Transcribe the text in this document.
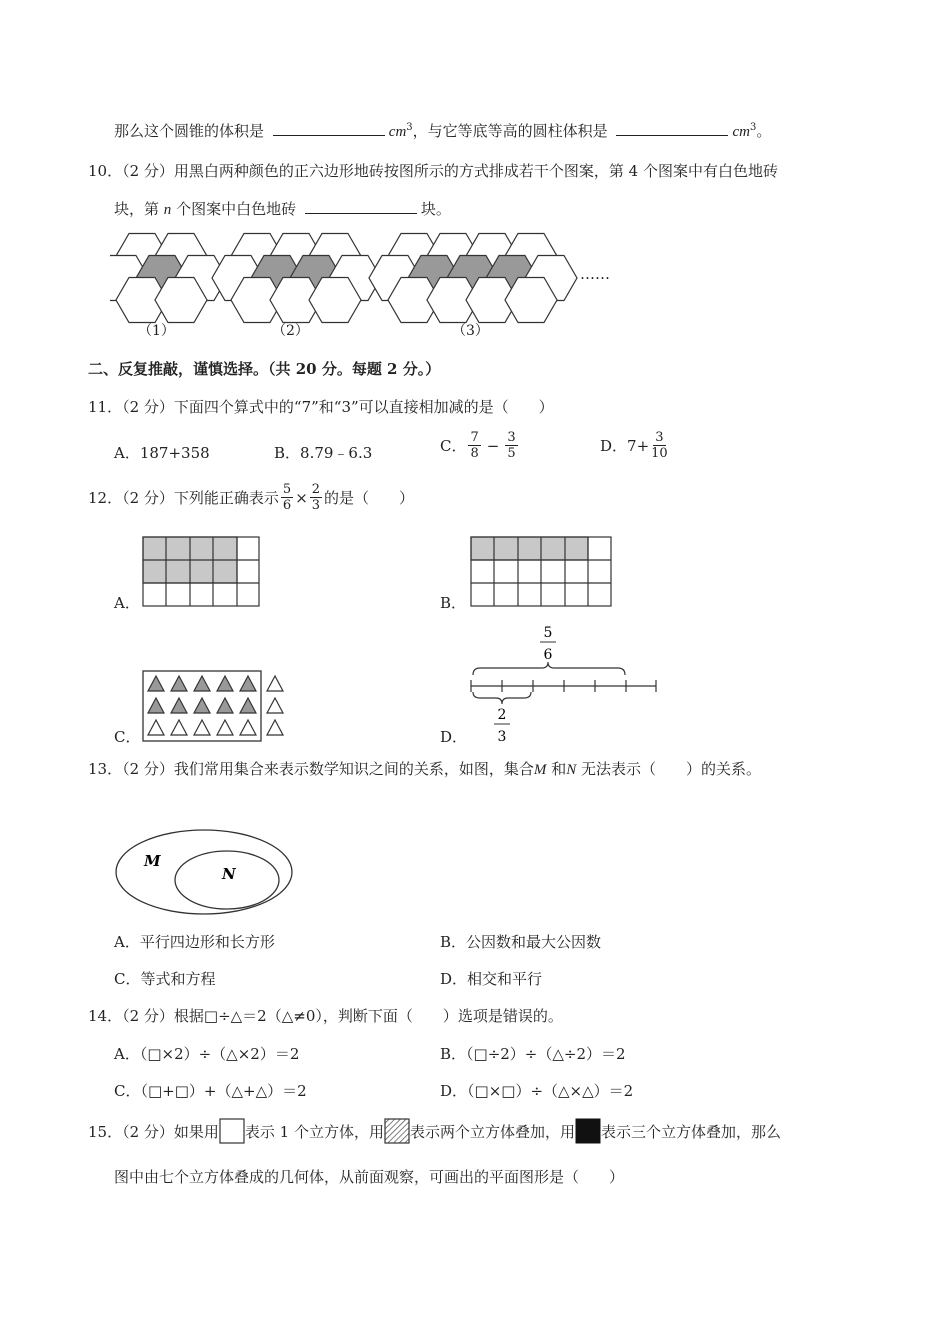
那么这个圆锥的体积是	$cm^3$，与它等底等高的圆柱体积是	$cm^3$。
10．（2 分）用黑白两种颜色的正六边形地砖按图所示的方式排成若干个图案，第 4 个图案中有白色地砖
块，第 n 个图案中白色地砖	块。
（1）	（2）	（3）
……
二、反复推敲，谨慎选择。（共 20 分。每题 2 分。）
11．（2 分）下面四个算式中的“7”和“3”可以直接相加减的是（　　）
A．187+358	B．8.79﹣6.3	C． $\frac{7}{8} - \frac{3}{5}$	D． $7+ \frac{3}{10}$
12．（2 分）下列能正确表示 $\frac{5}{6} \times \frac{2}{3}$ 的是（　　）
A．	B．
C．	D．
5
6
2
3
13．（2 分）我们常用集合来表示数学知识之间的关系，如图，集合M 和N 无法表示（　　）的关系。
M
N
A．平行四边形和长方形	B．公因数和最大公因数
C．等式和方程	D．相交和平行
14．（2 分）根据□÷△＝2（△≠0），判断下面（　　）选项是错误的。
A．（□×2）÷（△×2）＝2	B．（□÷2）÷（△÷2）＝2
C．（□+□）+（△+△）＝2	D．（□×□）÷（△×△）＝2
15．（2 分）如果用 表示 1 个立方体，用 表示两个立方体叠加，用 表示三个立方体叠加，那么
图中由七个立方体叠成的几何体，从前面观察，可画出的平面图形是（　　）
